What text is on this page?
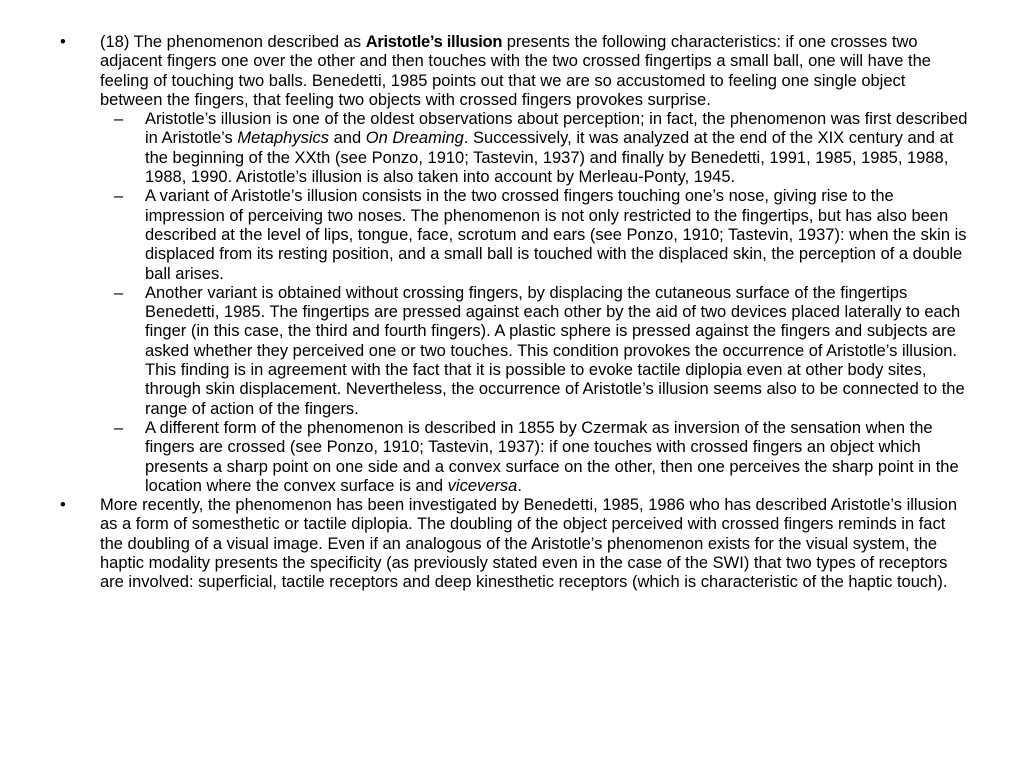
•	(18) The phenomenon described as Aristotle’s illusion presents the following characteristics: if one crosses two adjacent fingers one over the other and then touches with the two crossed fingertips a small ball, one will have the feeling of touching two balls. Benedetti, 1985 points out that we are so accustomed to feeling one single object between the fingers, that feeling two objects with crossed fingers provokes surprise.
–	Aristotle’s illusion is one of the oldest observations about perception; in fact, the phenomenon was first described in Aristotle’s Metaphysics and On Dreaming. Successively, it was analyzed at the end of the XIX century and at the beginning of the XXth (see Ponzo, 1910; Tastevin, 1937) and finally by Benedetti, 1991, 1985, 1985, 1988, 1988, 1990. Aristotle’s illusion is also taken into account by Merleau-Ponty, 1945.
–	A variant of Aristotle’s illusion consists in the two crossed fingers touching one’s nose, giving rise to the impression of perceiving two noses. The phenomenon is not only restricted to the fingertips, but has also been described at the level of lips, tongue, face, scrotum and ears (see Ponzo, 1910; Tastevin, 1937): when the skin is displaced from its resting position, and a small ball is touched with the displaced skin, the perception of a double ball arises.
–	Another variant is obtained without crossing fingers, by displacing the cutaneous surface of the fingertips Benedetti, 1985. The fingertips are pressed against each other by the aid of two devices placed laterally to each finger (in this case, the third and fourth fingers). A plastic sphere is pressed against the fingers and subjects are asked whether they perceived one or two touches. This condition provokes the occurrence of Aristotle’s illusion. This finding is in agreement with the fact that it is possible to evoke tactile diplopia even at other body sites, through skin displacement. Nevertheless, the occurrence of Aristotle’s illusion seems also to be connected to the range of action of the fingers.
–	A different form of the phenomenon is described in 1855 by Czermak as inversion of the sensation when the fingers are crossed (see Ponzo, 1910; Tastevin, 1937): if one touches with crossed fingers an object which presents a sharp point on one side and a convex surface on the other, then one perceives the sharp point in the location where the convex surface is and viceversa.
•	More recently, the phenomenon has been investigated by Benedetti, 1985, 1986 who has described Aristotle’s illusion as a form of somesthetic or tactile diplopia. The doubling of the object perceived with crossed fingers reminds in fact the doubling of a visual image. Even if an analogous of the Aristotle’s phenomenon exists for the visual system, the haptic modality presents the specificity (as previously stated even in the case of the SWI) that two types of receptors are involved: superficial, tactile receptors and deep kinesthetic receptors (which is characteristic of the haptic touch).
